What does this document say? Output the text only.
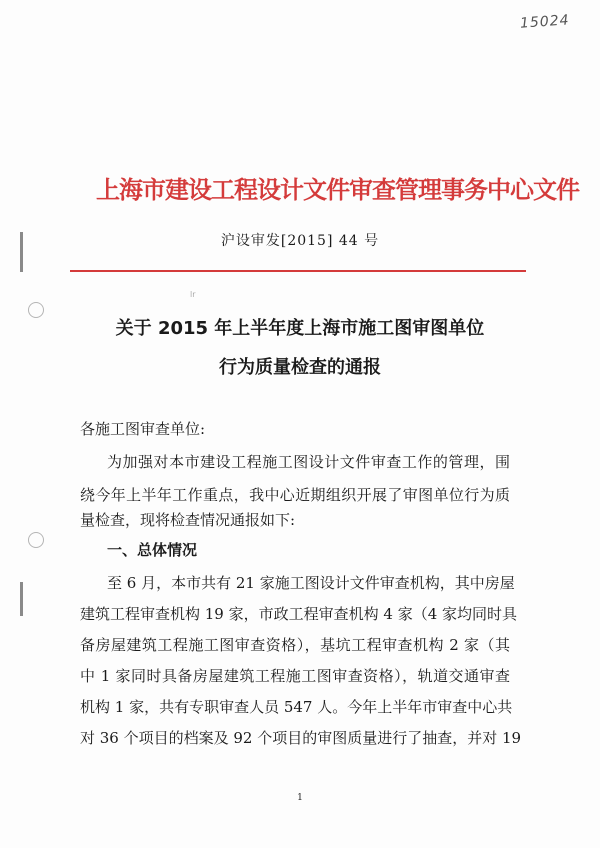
15024
上海市建设工程设计文件审查管理事务中心文件
沪设审发[2015] 44 号
lr
关于 2015 年上半年度上海市施工图审图单位
行为质量检查的通报
各施工图审查单位:
为加强对本市建设工程施工图设计文件审查工作的管理，围
绕今年上半年工作重点，我中心近期组织开展了审图单位行为质
量检查，现将检查情况通报如下:
一、总体情况
至 6 月，本市共有 21 家施工图设计文件审查机构，其中房屋
建筑工程审查机构 19 家，市政工程审查机构 4 家（4 家均同时具
备房屋建筑工程施工图审查资格），基坑工程审查机构 2 家（其
中 1 家同时具备房屋建筑工程施工图审查资格），轨道交通审查
机构 1 家，共有专职审查人员 547 人。今年上半年市审查中心共
对 36 个项目的档案及 92 个项目的审图质量进行了抽查，并对 19
1
